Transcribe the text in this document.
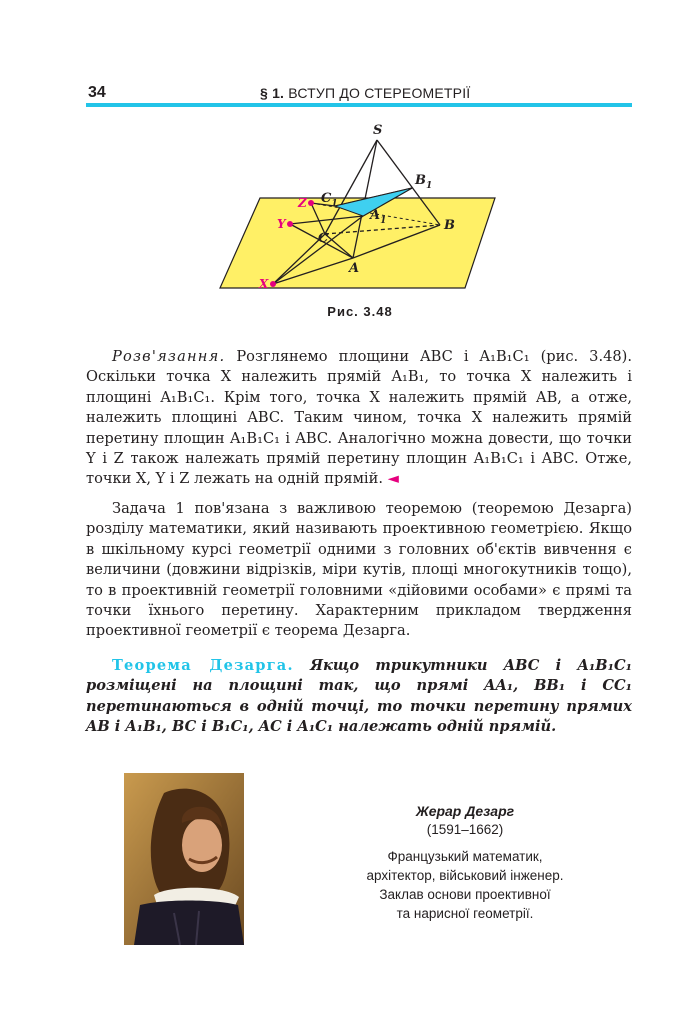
34	§ 1. ВСТУП ДО СТЕРЕОМЕТРІЇ
S
$B_1$
$C_1$
$A_1$	B
A
C
X
Y
Z
Рис. 3.48

Розв'язання. Розглянемо площини ABC і A₁B₁C₁ (рис. 3.48). Оскільки точка X належить прямій A₁B₁, то точка X належить і площині A₁B₁C₁. Крім того, точка X належить прямій AB, а отже, належить площині ABC. Таким чином, точка X належить прямій перетину площин A₁B₁C₁ і ABC. Аналогічно можна довести, що точки Y і Z також належать прямій перетину площин A₁B₁C₁ і ABC. Отже, точки X, Y і Z лежать на одній прямій. ◄

Задача 1 пов'язана з важливою теоремою (теоремою Дезарга) розділу математики, який називають проективною геометрією. Якщо в шкільному курсі геометрії одними з головних об'єктів вивчення є величини (довжини відрізків, міри кутів, площі многокутників тощо), то в проективній геометрії головними «дійовими особами» є прямі та точки їхнього перетину. Характерним прикладом твердження проективної геометрії є теорема Дезарга.

Теорема Дезарга. Якщо трикутники ABC і A₁B₁C₁ розміщені на площині так, що прямі AA₁, BB₁ і CC₁ перетинаються в одній точці, то точки перетину прямих AB і A₁B₁, BC і B₁C₁, AC і A₁C₁ належать одній прямій.

Жерар Дезарг
(1591–1662)
Французький математик,
архітектор, військовий інженер.
Заклав основи проективної
та нарисної геометрії.
